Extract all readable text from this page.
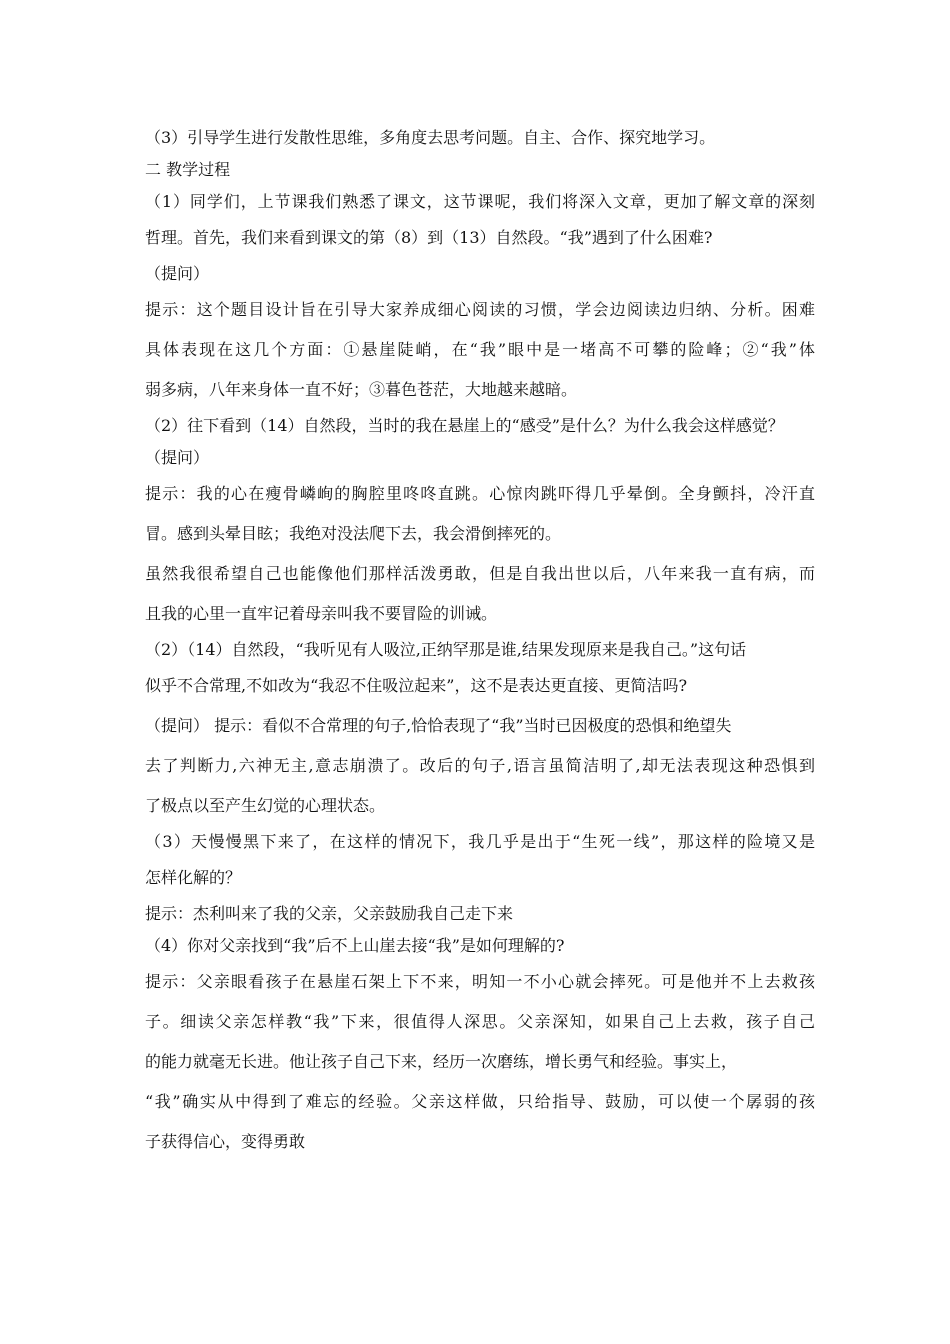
（3）引导学生进行发散性思维，多角度去思考问题。自主、合作、探究地学习。
二 教学过程
（1）同学们，上节课我们熟悉了课文，这节课呢，我们将深入文章，更加了解文章的深刻
哲理。首先，我们来看到课文的第（8）到（13）自然段。“我”遇到了什么困难?
（提问）
提示：这个题目设计旨在引导大家养成细心阅读的习惯，学会边阅读边归纳、分析。困难
具体表现在这几个方面：①悬崖陡峭，在“我”眼中是一堵高不可攀的险峰；②“我”体
弱多病，八年来身体一直不好；③暮色苍茫，大地越来越暗。
（2）往下看到（14）自然段，当时的我在悬崖上的“感受”是什么？为什么我会这样感觉？
（提问）
提示：我的心在瘦骨嶙峋的胸腔里咚咚直跳。心惊肉跳吓得几乎晕倒。全身颤抖，冷汗直
冒。感到头晕目眩；我绝对没法爬下去，我会滑倒摔死的。
虽然我很希望自己也能像他们那样活泼勇敢，但是自我出世以后，八年来我一直有病，而
且我的心里一直牢记着母亲叫我不要冒险的训诫。
（2）（14）自然段，“我听见有人吸泣,正纳罕那是谁,结果发现原来是我自己。”这句话
似乎不合常理,不如改为“我忍不住吸泣起来”，这不是表达更直接、更简洁吗?
（提问） 提示：看似不合常理的句子,恰恰表现了“我”当时已因极度的恐惧和绝望失
去了判断力,六神无主,意志崩溃了。改后的句子,语言虽简洁明了,却无法表现这种恐惧到
了极点以至产生幻觉的心理状态。
（3）天慢慢黑下来了，在这样的情况下，我几乎是出于“生死一线”，那这样的险境又是
怎样化解的？
提示：杰利叫来了我的父亲，父亲鼓励我自己走下来
（4）你对父亲找到“我”后不上山崖去接“我”是如何理解的?
提示：父亲眼看孩子在悬崖石架上下不来，明知一不小心就会摔死。可是他并不上去救孩
子。细读父亲怎样教“我”下来，很值得人深思。父亲深知，如果自己上去救，孩子自己
的能力就毫无长进。他让孩子自己下来，经历一次磨练，增长勇气和经验。事实上，
“我”确实从中得到了难忘的经验。父亲这样做，只给指导、鼓励，可以使一个孱弱的孩
子获得信心，变得勇敢
